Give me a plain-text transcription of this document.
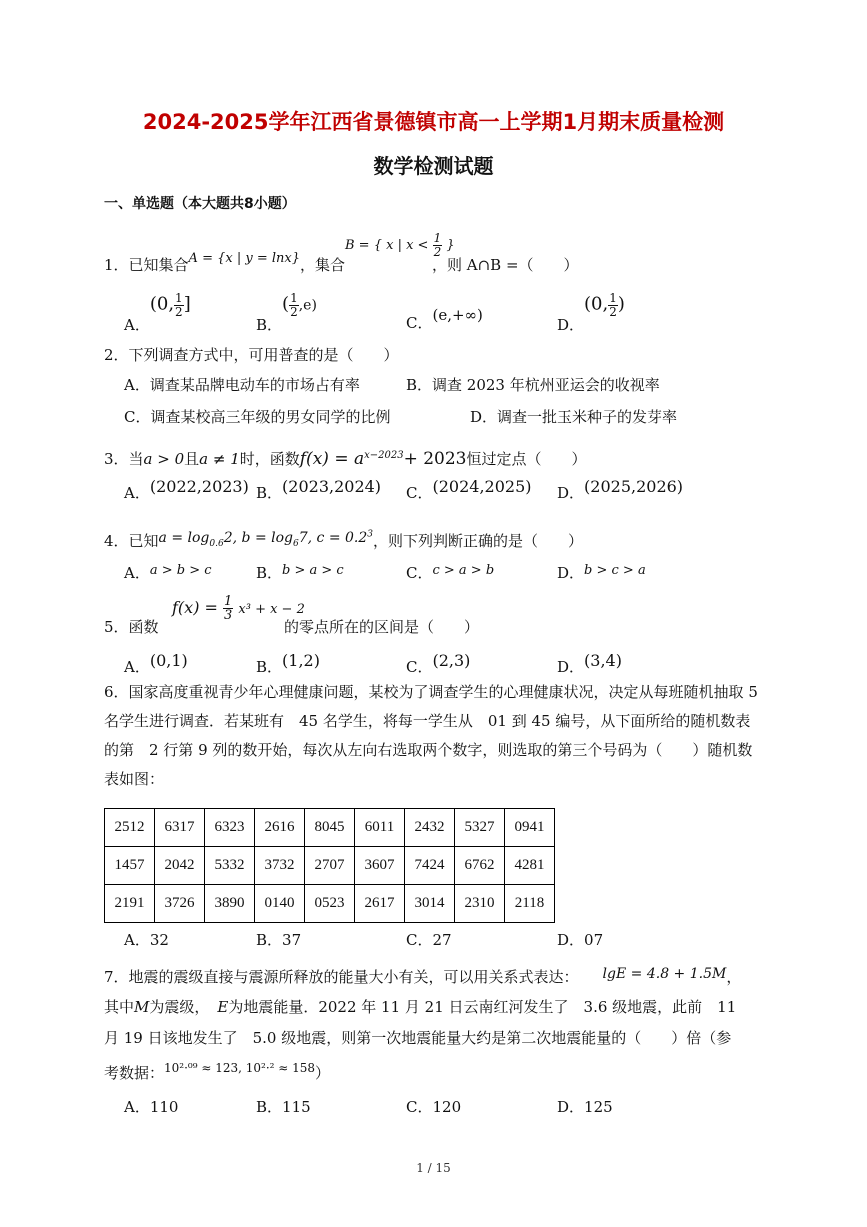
2024-2025学年江西省景德镇市高一上学期1月期末质量检测
数学检测试题
一、单选题（本大题共8小题）
1．已知集合A = {x | y = lnx}，集合
B = { x | $x < \frac{1}{2}$ }
，则 A∩B =（　　）
A．(0, $\frac{1}{2}$ ]
B．( $\frac{1}{2} ,e$)
C．(e,+∞)
D．(0, $\frac{1}{2}$ )
2．下列调查方式中，可用普查的是（　　）
A．调查某品牌电动车的市场占有率	B．调查 2023 年杭州亚运会的收视率
C．调查某校高三年级的男女同学的比例	D．调查一批玉米种子的发芽率
3．当a > 0且a ≠ 1时，函数$f(x) = a^{x-2023}+ 2023$恒过定点（　　）
A．(2022,2023) B．(2023,2024) C．(2024,2025) D．(2025,2026)
4．已知$a = \log_{0.6}2$, $b = \log_67$, $c = 0.2^3$，则下列判断正确的是（　　）
A．a > b > c	B．b > a > c	C．c > a > b	D．b > c > a
5．函数
$f(x) = \frac{1}{3} x^3 + x - 2$
的零点所在的区间是（　　）
A．(0,1)	B．(1,2)	C．(2,3)	D．(3,4)
6．国家高度重视青少年心理健康问题，某校为了调查学生的心理健康状况，决定从每班随机抽取 5 名学生进行调查．若某班有　45 名学生，将每一学生从　01 到 45 编号，从下面所给的随机数表的第　2 行第 9 列的数开始，每次从左向右选取两个数字，则选取的第三个号码为（　　）随机数表如图：
2512	6317	6323	2616	8045	6011	2432	5327	0941
1457	2042	5332	3732	2707	3607	7424	6762	4281
2191	3726	3890	0140	0523	2617	3014	2310	2118
A．32	B．37	C．27	D．07
7．地震的震级直接与震源所释放的能量大小有关，可以用关系式表达： lgE = 4.8 + 1.5M，
其中M为震级， E为地震能量．2022 年 11 月 21 日云南红河发生了　3.6 级地震，此前　11
月 19 日该地发生了　5.0 级地震，则第一次地震能量大约是第二次地震能量的（　　）倍（参
考数据：$^{10^2\cdot^{09} \approx 123, 10^2\cdot^2 \approx 158}$）
A．110	B．115	C．120	D．125
1 / 15
